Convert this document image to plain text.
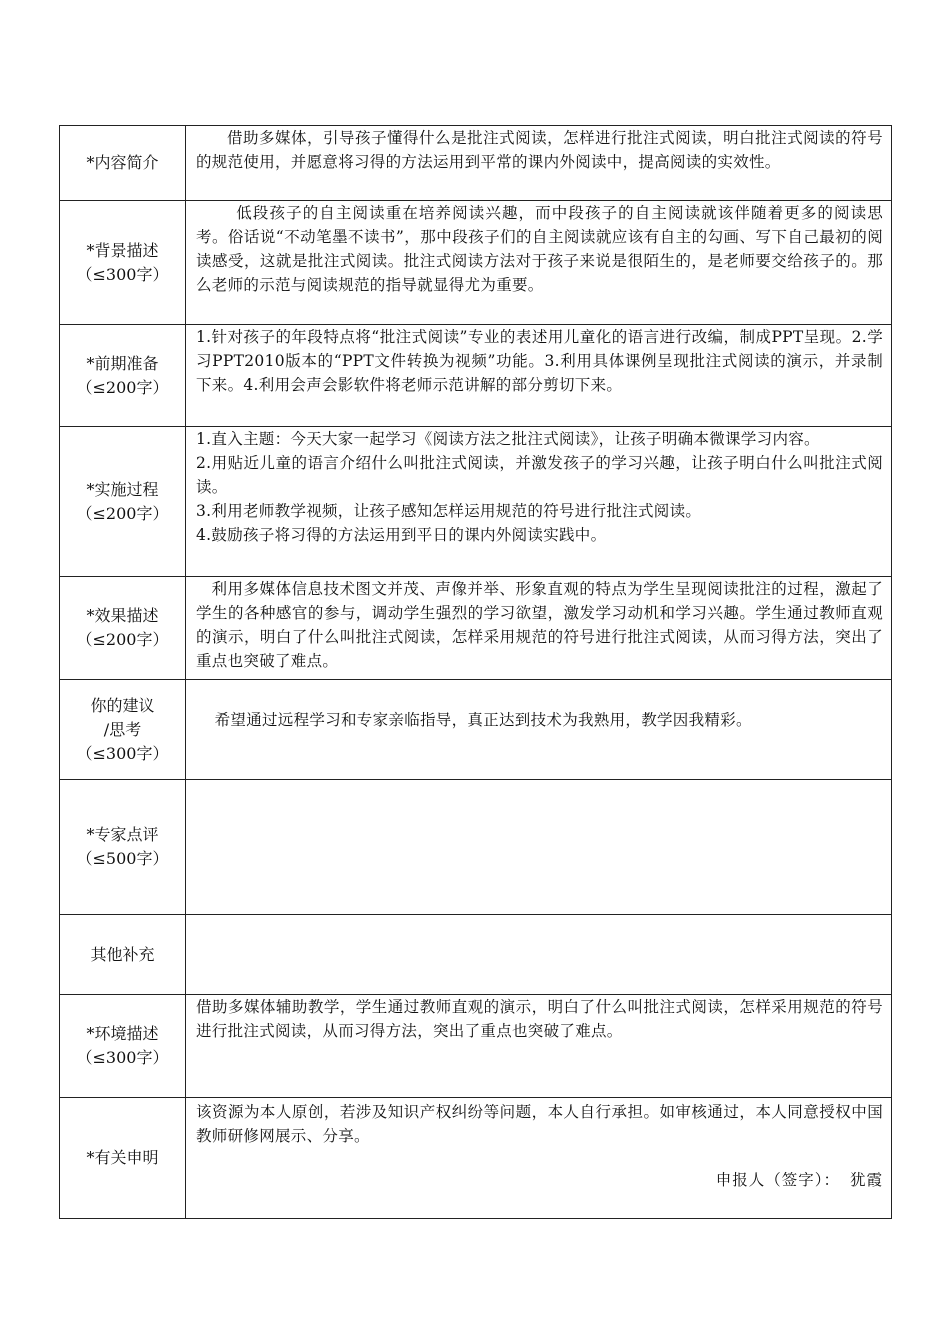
*内容简介	借助多媒体，引导孩子懂得什么是批注式阅读，怎样进行批注式阅读，明白批注式阅读的符号的规范使用，并愿意将习得的方法运用到平常的课内外阅读中，提高阅读的实效性。

*背景描述
（≤300字）	低段孩子的自主阅读重在培养阅读兴趣，而中段孩子的自主阅读就该伴随着更多的阅读思考。俗话说“不动笔墨不读书”，那中段孩子们的自主阅读就应该有自主的勾画、写下自己最初的阅读感受，这就是批注式阅读。批注式阅读方法对于孩子来说是很陌生的，是老师要交给孩子的。那么老师的示范与阅读规范的指导就显得尤为重要。

*前期准备
（≤200字）	1.针对孩子的年段特点将“批注式阅读”专业的表述用儿童化的语言进行改编，制成PPT呈现。2.学习PPT2010版本的“PPT文件转换为视频”功能。3.利用具体课例呈现批注式阅读的演示，并录制下来。4.利用会声会影软件将老师示范讲解的部分剪切下来。

*实施过程
（≤200字）	1.直入主题：今天大家一起学习《阅读方法之批注式阅读》，让孩子明确本微课学习内容。
2.用贴近儿童的语言介绍什么叫批注式阅读，并激发孩子的学习兴趣，让孩子明白什么叫批注式阅读。
3.利用老师教学视频，让孩子感知怎样运用规范的符号进行批注式阅读。
4.鼓励孩子将习得的方法运用到平日的课内外阅读实践中。

*效果描述
（≤200字）	利用多媒体信息技术图文并茂、声像并举、形象直观的特点为学生呈现阅读批注的过程，激起了学生的各种感官的参与，调动学生强烈的学习欲望，激发学习动机和学习兴趣。学生通过教师直观的演示，明白了什么叫批注式阅读，怎样采用规范的符号进行批注式阅读，从而习得方法，突出了重点也突破了难点。

你的建议
/思考
（≤300字）	希望通过远程学习和专家亲临指导，真正达到技术为我熟用，教学因我精彩。

*专家点评
（≤500字）	

其他补充	

*环境描述
（≤300字）	借助多媒体辅助教学，学生通过教师直观的演示，明白了什么叫批注式阅读，怎样采用规范的符号进行批注式阅读，从而习得方法，突出了重点也突破了难点。

*有关申明	该资源为本人原创，若涉及知识产权纠纷等问题，本人自行承担。如审核通过，本人同意授权中国教师研修网展示、分享。
申报人（签字）： 犹霞
